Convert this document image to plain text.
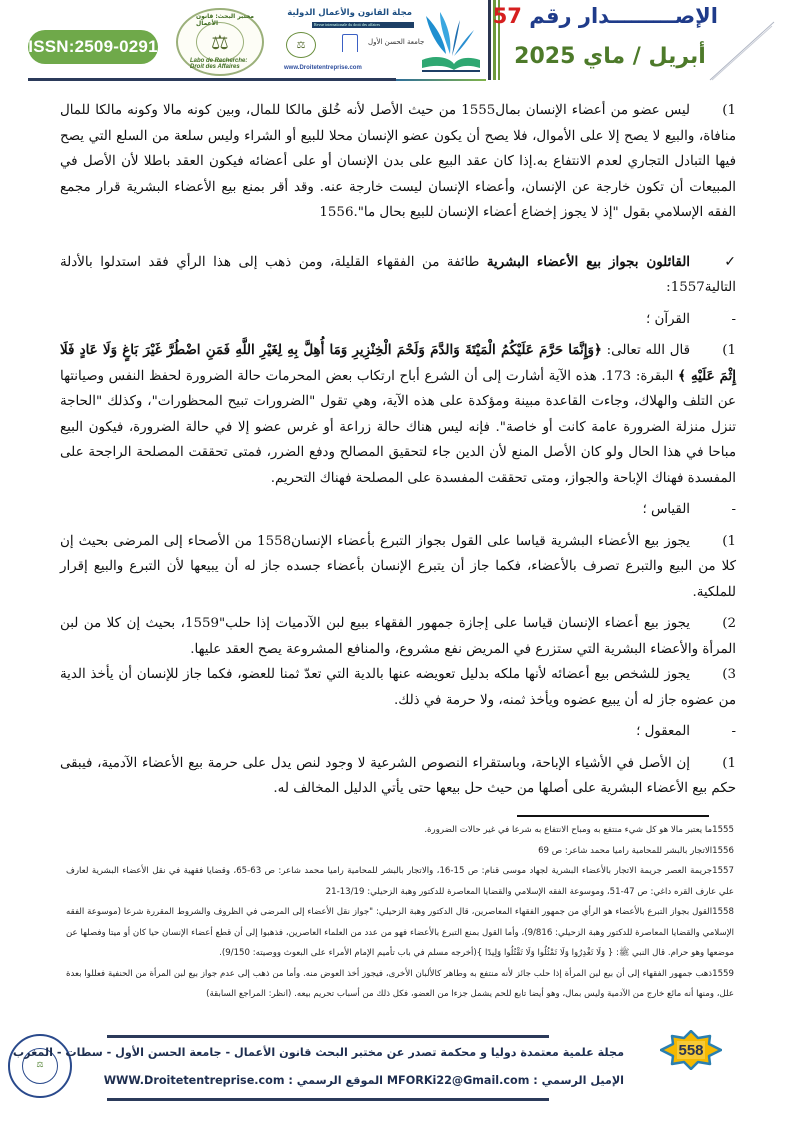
ISSN:2509-0291
مختبر البحث: قانون الأعمال
⚖
Labo de Recherche: Droit des Affaires
مجلة القانون والأعمال الدولية
Revue internationale du droit des affaires
⚖	جامعة الحسن الأول
www.Droitetentreprise.com
الإصـــــــــدار رقم 57
أبريل / ماي 2025

1)ليس عضو من أعضاء الإنسان بمال1555 من حيث الأصل لأنه خُلق مالكا للمال، وبين كونه مالا وكونه مالكا للمال منافاة، والبيع لا يصح إلا على الأموال، فلا يصح أن يكون عضو الإنسان محلا للبيع أو الشراء وليس سلعة من السلع التي يصح فيها التبادل التجاري لعدم الانتفاع به.إذا كان عقد البيع على بدن الإنسان أو على أعضائه فيكون العقد باطلا لأن الأصل في المبيعات أن تكون خارجة عن الإنسان، وأعضاء الإنسان ليست خارجة عنه. وقد أقر بمنع بيع الأعضاء البشرية قرار مجمع الفقه الإسلامي بقول "إذ لا يجوز إخضاع أعضاء الإنسان للبيع بحال ما".1556

✓القائلون بجواز بيع الأعضاء البشرية طائفة من الفقهاء القليلة، ومن ذهب إلى هذا الرأي فقد استدلوا بالأدلة التالية1557:

-القرآن ؛

1)قال الله تعالى: ﴿وَإِنَّمَا حَرَّمَ عَلَيْكُمُ الْمَيْتَةَ وَالدَّمَ وَلَحْمَ الْخِنْزِيرِ وَمَا أُهِلَّ بِهِ لِغَيْرِ اللَّهِ فَمَنِ اضْطُرَّ غَيْرَ بَاغٍ وَلَا عَادٍ فَلَا إِثْمَ عَلَيْهِ ﴾ البقرة: 173. هذه الآية أشارت إلى أن الشرع أباح ارتكاب بعض المحرمات حالة الضرورة لحفظ النفس وصيانتها عن التلف والهلاك، وجاءت القاعدة مبينة ومؤكدة على هذه الآية، وهي تقول "الضرورات تبيح المحظورات"، وكذلك "الحاجة تنزل منزلة الضرورة عامة كانت أو خاصة". فإنه ليس هناك حالة زراعة أو غرس عضو إلا في حالة الضرورة، فيكون البيع مباحا في هذا الحال ولو كان الأصل المنع لأن الدين جاء لتحقيق المصالح ودفع الضرر، فمتى تحققت المصلحة الراجحة على المفسدة فهناك الإباحة والجواز، ومتى تحققت المفسدة على المصلحة فهناك التحريم.

-القياس ؛

1)يجوز بيع الأعضاء البشرية قياسا على القول بجواز التبرع بأعضاء الإنسان1558 من الأصحاء إلى المرضى بحيث إن كلا من البيع والتبرع تصرف بالأعضاء، فكما جاز أن يتبرع الإنسان بأعضاء جسده جاز له أن يبيعها لأن التبرع والبيع إقرار للملكية.

2)يجوز بيع أعضاء الإنسان قياسا على إجازة جمهور الفقهاء ببيع لبن الآدميات إذا حلب"1559، بحيث إن كلا من لبن المرأة والأعضاء البشرية التي ستزرع في المريض نفع مشروع، والمنافع المشروعة يصح العقد عليها.

3)يجوز للشخص بيع أعضائه لأنها ملكه بدليل تعويضه عنها بالدية التي تعدّ ثمنا للعضو، فكما جاز للإنسان أن يأخذ الدية من عضوه جاز له أن يبيع عضوه ويأخذ ثمنه، ولا حرمة في ذلك.

-المعقول ؛

1)إن الأصل في الأشياء الإباحة، وباستقراء النصوص الشرعية لا وجود لنص يدل على حرمة بيع الأعضاء الآدمية، فيبقى حكم بيع الأعضاء البشرية على أصلها من حيث حل بيعها حتى يأتي الدليل المخالف له.

1555ما يعتبر مالا هو كل شيء منتفع به ومباح الانتفاع به شرعا في غير حالات الضرورة.

1556الاتجار بالبشر للمحامية راميا محمد شاعر: ص 69

1557جريمة العصر جريمة الاتجار بالأعضاء البشرية لجهاد موسى قنام: ص 15-16، والاتجار بالبشر للمحامية راميا محمد شاعر: ص 63-65، وقضايا فقهية في نقل الأعضاء البشرية لعارف علي عارف القره داغي: ص 47-51، وموسوعة الفقه الإسلامي والقضايا المعاصرة للدكتور وهبة الزحيلي: 13/19-21

1558القول بجواز التبرع بالأعضاء هو الرأي من جمهور الفقهاء المعاصرين، قال الدكتور وهبة الزحيلي: "جواز نقل الأعضاء إلى المرضى في الظروف والشروط المقررة شرعا (موسوعة الفقه الإسلامي والقضايا المعاصرة للدكتور وهبة الزحيلي: 9/816)، وأما القول بمنع التبرع بالأعضاء فهو من عدد من العلماء العاصرين، فذهبوا إلى أن قطع أعضاء الإنسان حيا كان أو ميتا وفصلها عن موضعها وهو حرام. قال النبي ﷺ: { وَلَا تَغْدِرُوا وَلَا تَمْثُلُوا وَلَا تَقْتُلُوا وَلِيدًا }(أخرجه مسلم في باب تأميم الإمام الأمراء على البعوث ووصيته: 9/150).

1559ذهب جمهور الفقهاء إلى أن بيع لبن المرأة إذا حلب جائز لأنه منتفع به وطاهر كالألبان الأخرى، فيجوز أخذ العوض منه. وأما من ذهب إلى عدم جواز بيع لبن المرأة من الحنفية فعللوا بعدة علل، ومنها أنه مائع خارج من الآدمية وليس بمال، وهو أيضا تابع للحم يشمل جزءا من العضو، فكل ذلك من أسباب تحريم بيعه. (انظر: المراجع السابقة)

⚖
مجلة علمية معتمدة دوليا و محكمة تصدر عن مختبر البحث قانون الأعمال - جامعة الحسن الأول - سطات - المغرب
الإميل الرسمي : MFORKi22@Gmail.com الموقع الرسمي : WWW.Droitetentreprise.com
558
